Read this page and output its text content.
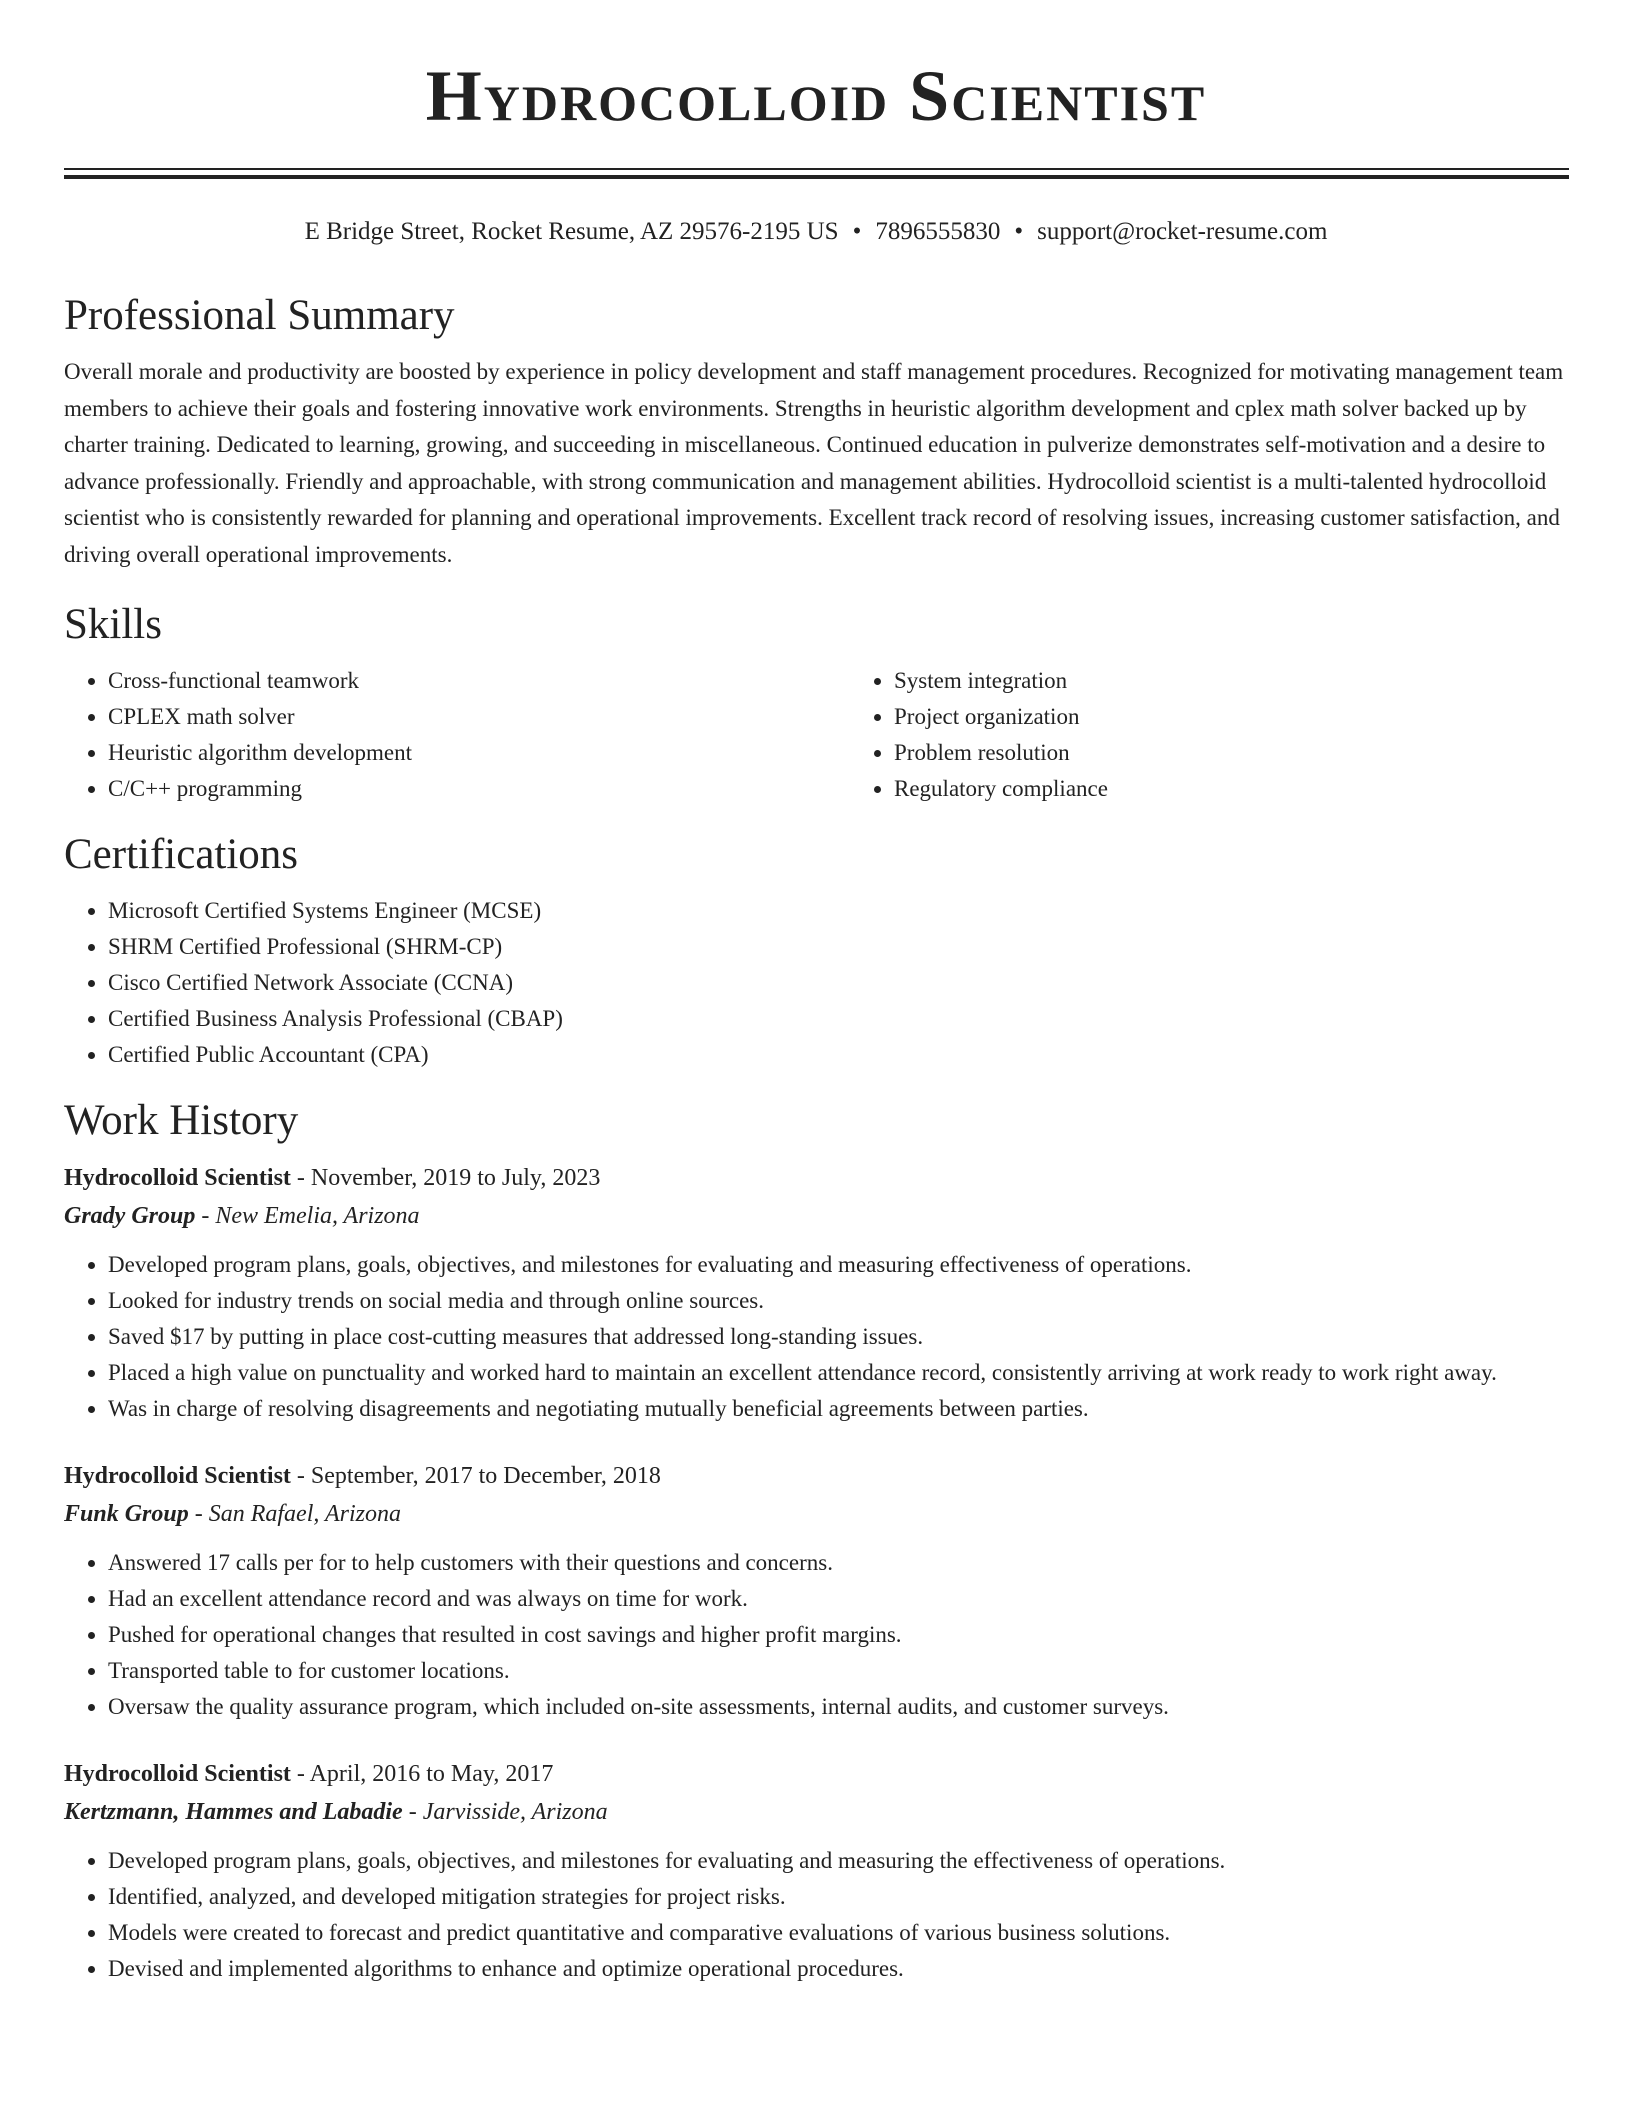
Hydrocolloid Scientist
E Bridge Street, Rocket Resume, AZ 29576-2195 US • 7896555830 • support@rocket-resume.com
Professional Summary

Overall morale and productivity are boosted by experience in policy development and staff management procedures. Recognized for motivating management team members to achieve their goals and fostering innovative work environments. Strengths in heuristic algorithm development and cplex math solver backed up by charter training. Dedicated to learning, growing, and succeeding in miscellaneous. Continued education in pulverize demonstrates self-motivation and a desire to advance professionally. Friendly and approachable, with strong communication and management abilities. Hydrocolloid scientist is a multi-talented hydrocolloid scientist who is consistently rewarded for planning and operational improvements. Excellent track record of resolving issues, increasing customer satisfaction, and driving overall operational improvements.

Skills
• Cross-functional teamwork
• CPLEX math solver
• Heuristic algorithm development
• C/C++ programming
• System integration
• Project organization
• Problem resolution
• Regulatory compliance
Certifications
• Microsoft Certified Systems Engineer (MCSE)
• SHRM Certified Professional (SHRM-CP)
• Cisco Certified Network Associate (CCNA)
• Certified Business Analysis Professional (CBAP)
• Certified Public Accountant (CPA)
Work History
Hydrocolloid Scientist - November, 2019 to July, 2023
Grady Group - New Emelia, Arizona
• Developed program plans, goals, objectives, and milestones for evaluating and measuring effectiveness of operations.
• Looked for industry trends on social media and through online sources.
• Saved $17 by putting in place cost-cutting measures that addressed long-standing issues.
• Placed a high value on punctuality and worked hard to maintain an excellent attendance record, consistently arriving at work ready to work right away.
• Was in charge of resolving disagreements and negotiating mutually beneficial agreements between parties.
Hydrocolloid Scientist - September, 2017 to December, 2018
Funk Group - San Rafael, Arizona
• Answered 17 calls per for to help customers with their questions and concerns.
• Had an excellent attendance record and was always on time for work.
• Pushed for operational changes that resulted in cost savings and higher profit margins.
• Transported table to for customer locations.
• Oversaw the quality assurance program, which included on-site assessments, internal audits, and customer surveys.
Hydrocolloid Scientist - April, 2016 to May, 2017
Kertzmann, Hammes and Labadie - Jarvisside, Arizona
• Developed program plans, goals, objectives, and milestones for evaluating and measuring the effectiveness of operations.
• Identified, analyzed, and developed mitigation strategies for project risks.
• Models were created to forecast and predict quantitative and comparative evaluations of various business solutions.
• Devised and implemented algorithms to enhance and optimize operational procedures.
